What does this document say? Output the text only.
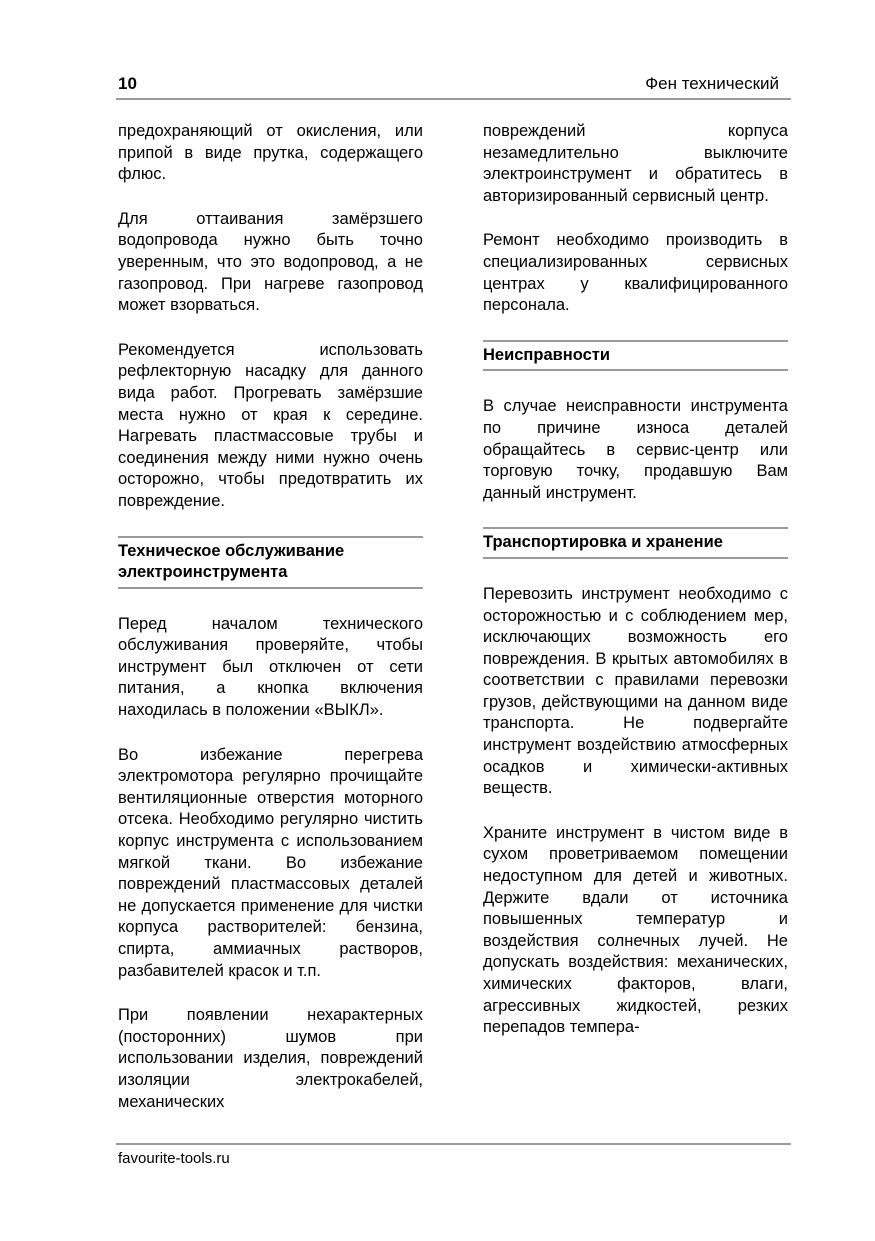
10	Фен технический

предохраняющий от окисления, или припой в виде прутка, содержащего флюс.

Для оттаивания замёрзшего водопровода нужно быть точно уверенным, что это водопровод, а не газопровод. При нагреве газопровод может взорваться.

Рекомендуется использовать рефлекторную насадку для данного вида работ. Прогревать замёрзшие места нужно от края к середине. Нагревать пластмассовые трубы и соединения между ними нужно очень осторожно, чтобы предотвратить их повреждение.

Техническое обслуживание электроинструмента

Перед началом технического обслуживания проверяйте, чтобы инструмент был отключен от сети питания, а кнопка включения находилась в положении «ВЫКЛ».

Во избежание перегрева электромотора регулярно прочищайте вентиляционные отверстия моторного отсека. Необходимо регулярно чистить корпус инструмента с использованием мягкой ткани. Во избежание повреждений пластмассовых деталей не допускается применение для чистки корпуса растворителей: бензина, спирта, аммиачных растворов, разбавителей красок и т.п.

При появлении нехарактерных (посторонних) шумов при использовании изделия, повреждений изоляции электрокабелей, механических

повреждений корпуса незамедлительно выключите электроинструмент и обратитесь в авторизированный сервисный центр.

Ремонт необходимо производить в специализированных сервисных центрах у квалифицированного персонала.

Неисправности

В случае неисправности инструмента по причине износа деталей обращайтесь в сервис-центр или торговую точку, продавшую Вам данный инструмент.

Транспортировка и хранение

Перевозить инструмент необходимо с осторожностью и с соблюдением мер, исключающих возможность его повреждения. В крытых автомобилях в соответствии с правилами перевозки грузов, действующими на данном виде транспорта. Не подвергайте инструмент воздействию атмосферных осадков и химически-активных веществ.

Храните инструмент в чистом виде в сухом проветриваемом помещении недоступном для детей и животных. Держите вдали от источника повышенных температур и воздействия солнечных лучей. Не допускать воздействия: механических, химических факторов, влаги, агрессивных жидкостей, резких перепадов темпера-

favourite-tools.ru
